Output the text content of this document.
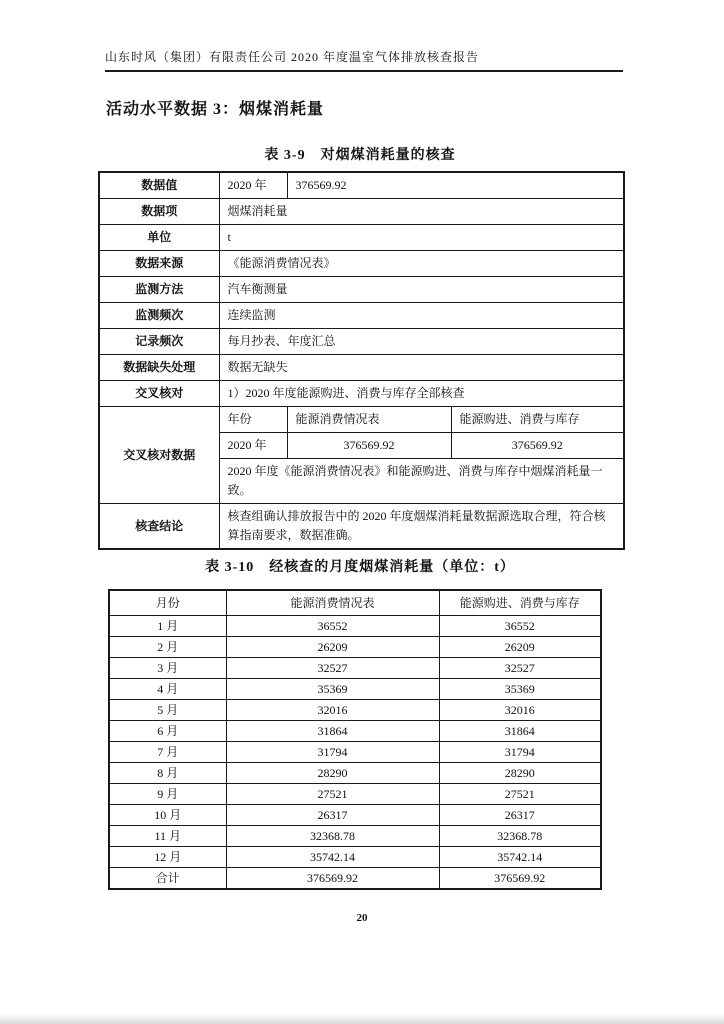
山东时风（集团）有限责任公司 2020 年度温室气体排放核查报告
活动水平数据 3：烟煤消耗量
表 3-9　对烟煤消耗量的核查
数据值	2020 年	376569.92	
数据项	烟煤消耗量		
单位	t		
数据来源	《能源消费情况表》		
监测方法	汽车衡测量		
监测频次	连续监测		
记录频次	每月抄表、年度汇总		
数据缺失处理	数据无缺失		
交叉核对	1）2020 年度能源购进、消费与库存全部核查		
交叉核对数据	年份	能源消费情况表	能源购进、消费与库存
	2020 年	376569.92	376569.92
	2020 年度《能源消费情况表》和能源购进、消费与库存中烟煤消耗量一致。		
核查结论	核查组确认排放报告中的 2020 年度烟煤消耗量数据源选取合理，符合核算指南要求，数据准确。		
表 3-10　经核查的月度烟煤消耗量（单位：t）
月份	能源消费情况表	能源购进、消费与库存
1 月	36552	36552
2 月	26209	26209
3 月	32527	32527
4 月	35369	35369
5 月	32016	32016
6 月	31864	31864
7 月	31794	31794
8 月	28290	28290
9 月	27521	27521
10 月	26317	26317
11 月	32368.78	32368.78
12 月	35742.14	35742.14
合计	376569.92	376569.92
20
